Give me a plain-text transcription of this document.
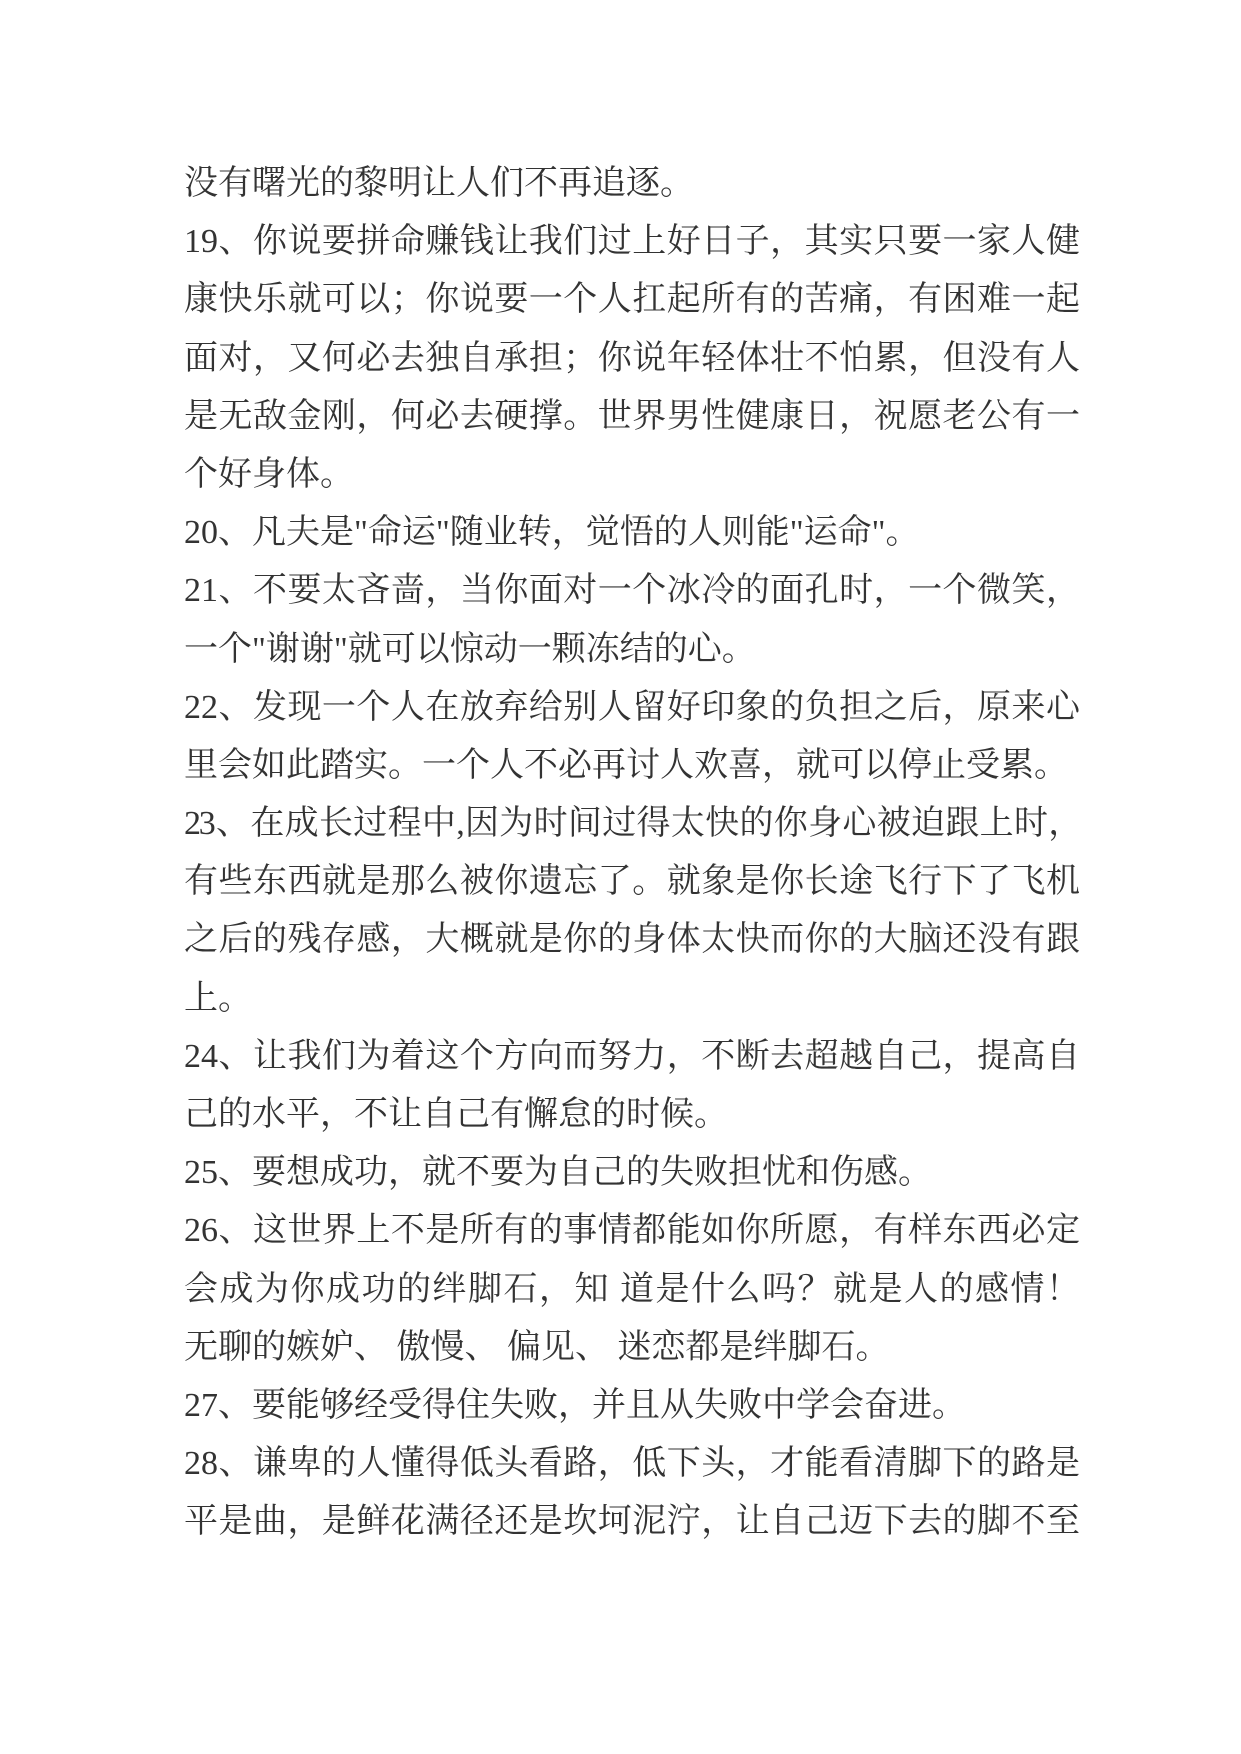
没有曙光的黎明让人们不再追逐。
19、你说要拼命赚钱让我们过上好日子，其实只要一家人健
康快乐就可以；你说要一个人扛起所有的苦痛，有困难一起
面对，又何必去独自承担；你说年轻体壮不怕累，但没有人
是无敌金刚，何必去硬撑。世界男性健康日，祝愿老公有一
个好身体。
20、凡夫是"命运"随业转，觉悟的人则能"运命"。
21、不要太吝啬，当你面对一个冰冷的面孔时，一个微笑，
一个"谢谢"就可以惊动一颗冻结的心。
22、发现一个人在放弃给别人留好印象的负担之后，原来心
里会如此踏实。一个人不必再讨人欢喜，就可以停止受累。
23、在成长过程中,因为时间过得太快的你身心被迫跟上时，
有些东西就是那么被你遗忘了。就象是你长途飞行下了飞机
之后的残存感，大概就是你的身体太快而你的大脑还没有跟
上。
24、让我们为着这个方向而努力，不断去超越自己，提高自
己的水平，不让自己有懈怠的时候。
25、要想成功，就不要为自己的失败担忧和伤感。
26、这世界上不是所有的事情都能如你所愿，有样东西必定
会成为你成功的绊脚石，知 道是什么吗？就是人的感情！
无聊的嫉妒、 傲慢、 偏见、 迷恋都是绊脚石。
27、要能够经受得住失败，并且从失败中学会奋进。
28、谦卑的人懂得低头看路，低下头，才能看清脚下的路是
平是曲，是鲜花满径还是坎坷泥泞，让自己迈下去的脚不至
